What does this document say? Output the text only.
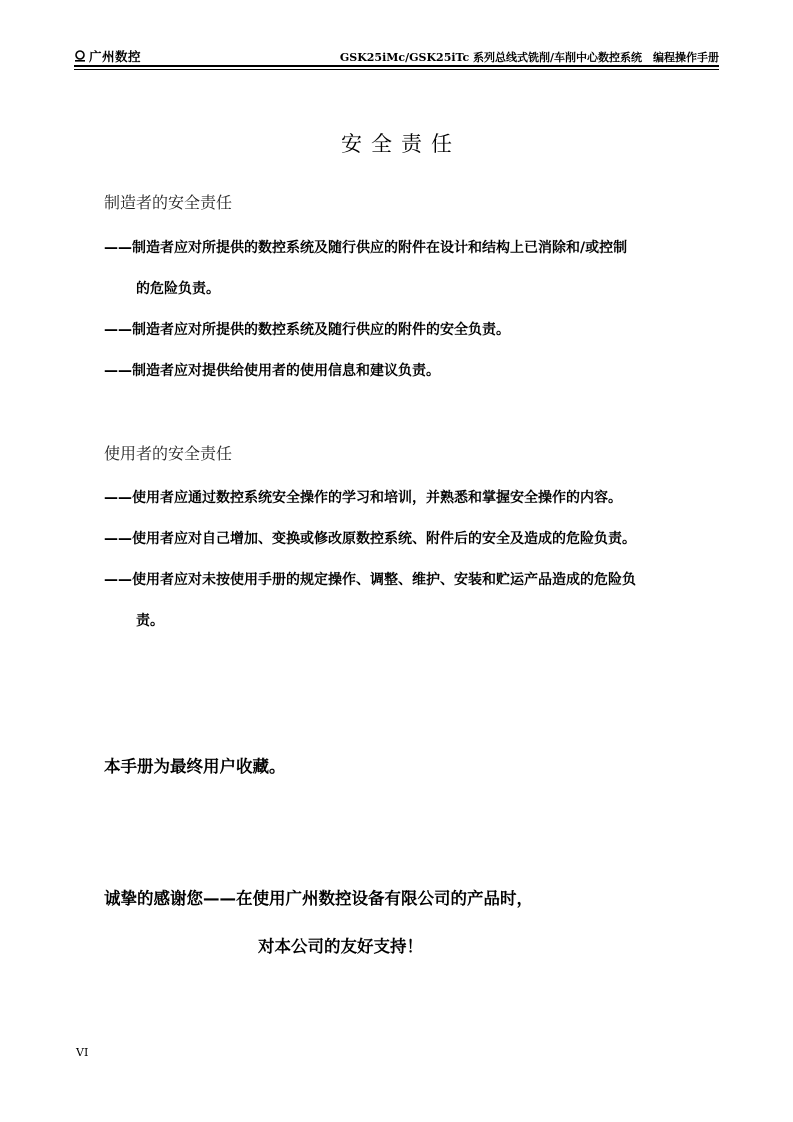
广州数控	GSK25iMc/GSK25iTc 系列总线式铣削/车削中心数控系统　编程操作手册
安全责任
制造者的安全责任
——制造者应对所提供的数控系统及随行供应的附件在设计和结构上已消除和/或控制
的危险负责。
——制造者应对所提供的数控系统及随行供应的附件的安全负责。
——制造者应对提供给使用者的使用信息和建议负责。
使用者的安全责任
——使用者应通过数控系统安全操作的学习和培训，并熟悉和掌握安全操作的内容。
——使用者应对自己增加、变换或修改原数控系统、附件后的安全及造成的危险负责。
——使用者应对未按使用手册的规定操作、调整、维护、安装和贮运产品造成的危险负
责。
本手册为最终用户收藏。
诚挚的感谢您——在使用广州数控设备有限公司的产品时，
对本公司的友好支持！
VI
